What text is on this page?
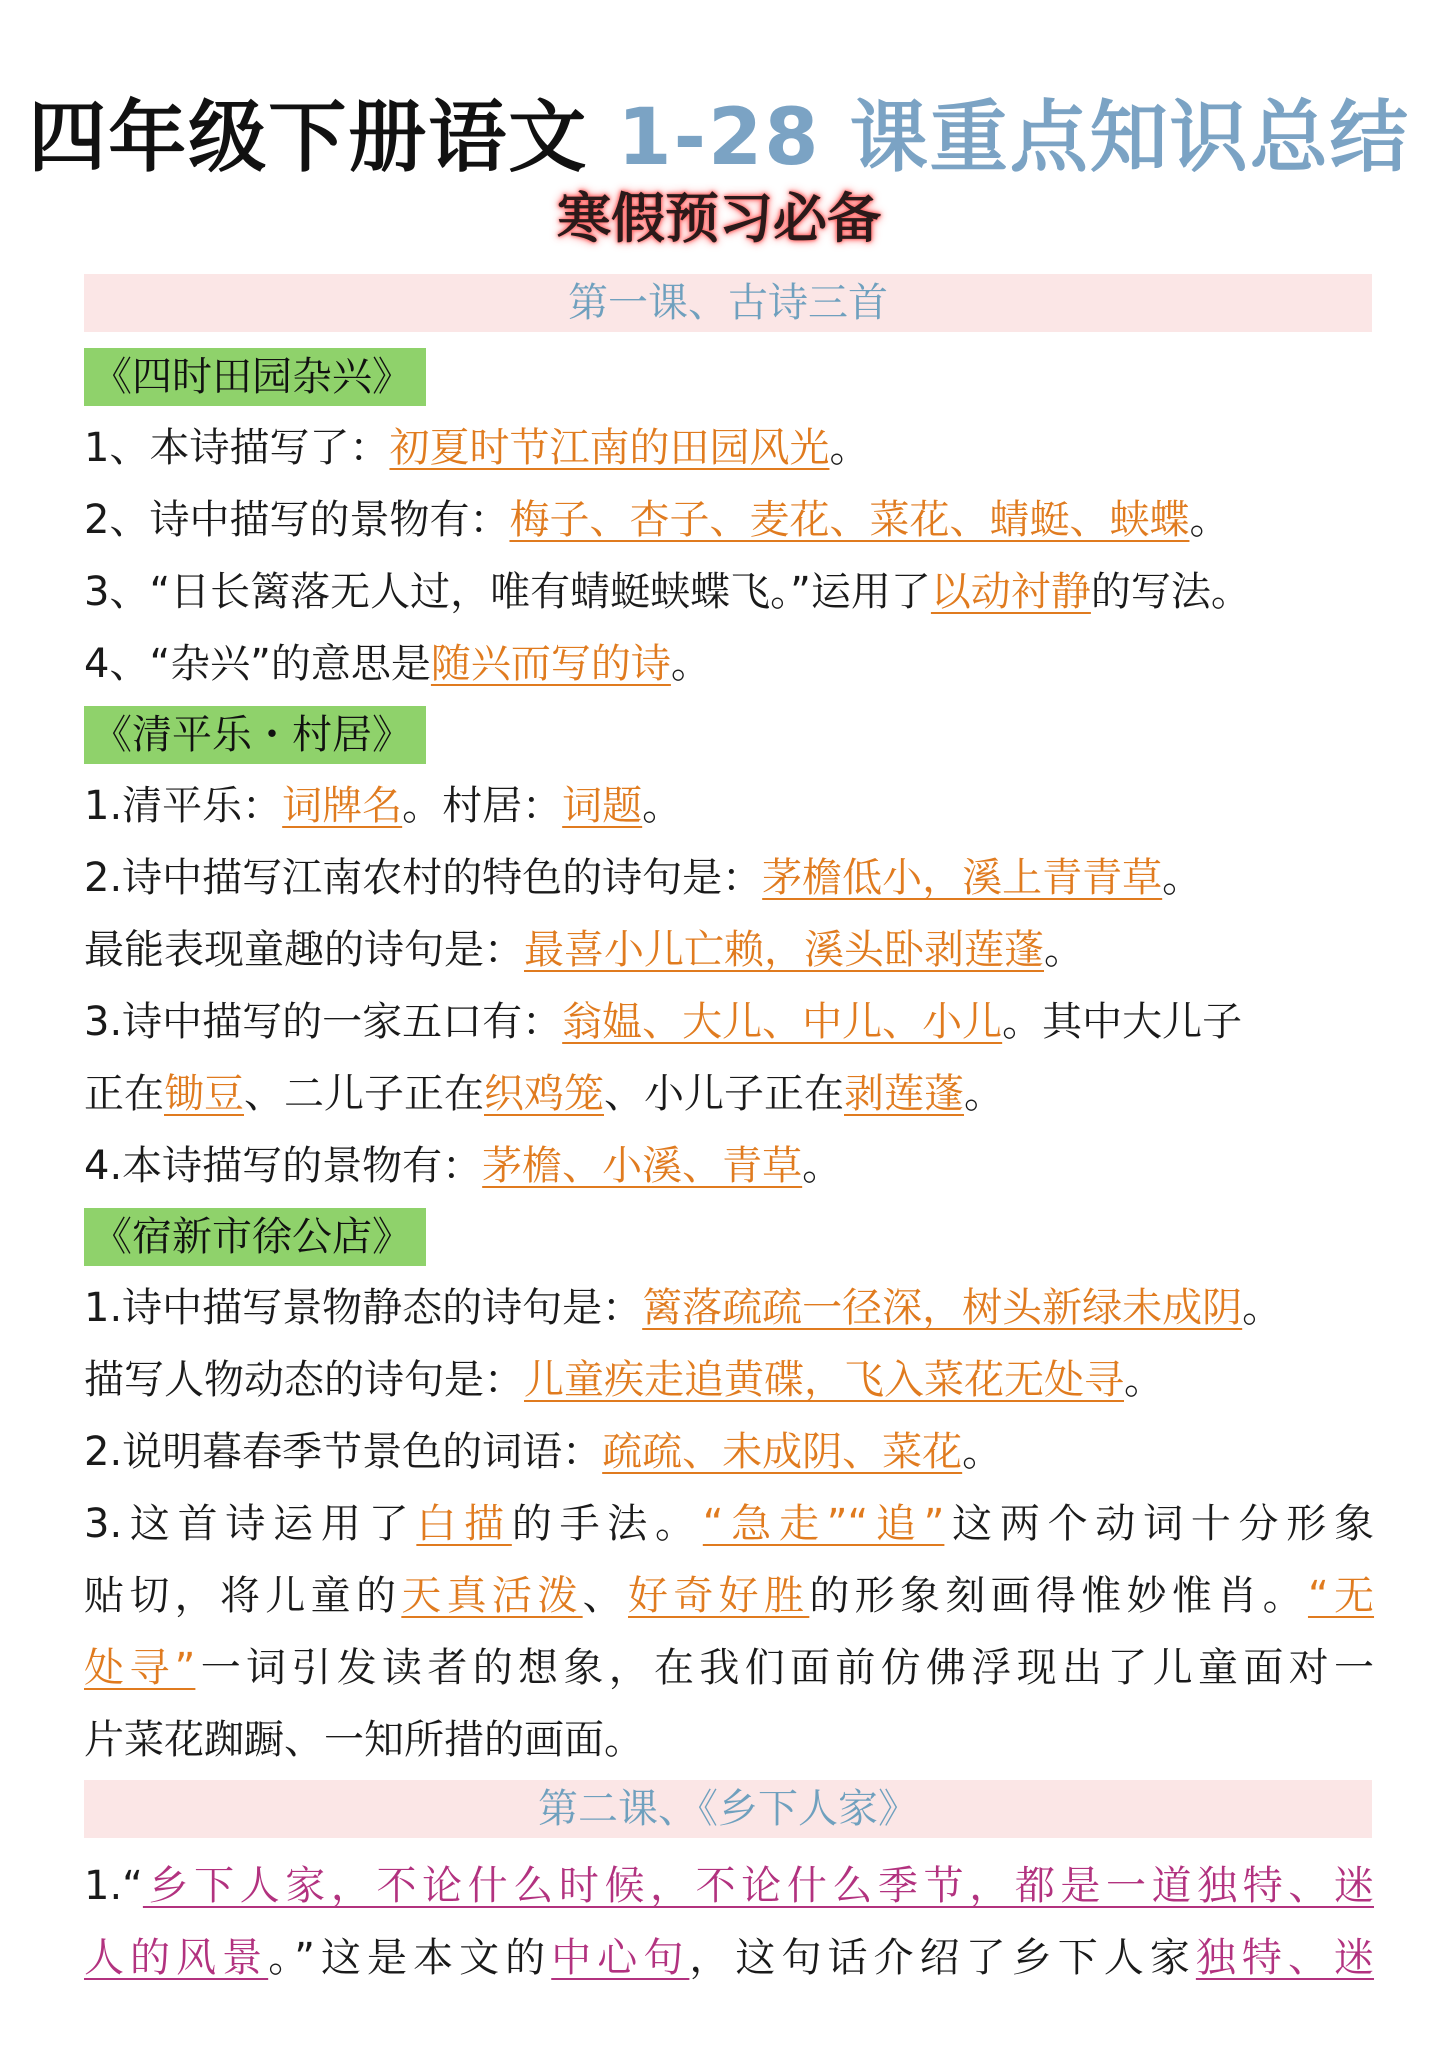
四年级下册语文 1-28 课重点知识总结
寒假预习必备
第一课、古诗三首
《四时田园杂兴》
1、本诗描写了：初夏时节江南的田园风光。
2、诗中描写的景物有：梅子、杏子、麦花、菜花、蜻蜓、蛱蝶。
3、“日长篱落无人过，唯有蜻蜓蛱蝶飞。”运用了以动衬静的写法。
4、“杂兴”的意思是随兴而写的诗。
《清平乐・村居》
1.清平乐：词牌名。村居：词题。
2.诗中描写江南农村的特色的诗句是：茅檐低小，溪上青青草。
最能表现童趣的诗句是：最喜小儿亡赖，溪头卧剥莲蓬。
3.诗中描写的一家五口有：翁媪、大儿、中儿、小儿。其中大儿子
正在锄豆、二儿子正在织鸡笼、小儿子正在剥莲蓬。
4.本诗描写的景物有：茅檐、小溪、青草。
《宿新市徐公店》
1.诗中描写景物静态的诗句是：篱落疏疏一径深，树头新绿未成阴。
描写人物动态的诗句是：儿童疾走追黄碟，飞入菜花无处寻。
2.说明暮春季节景色的词语：疏疏、未成阴、菜花。
3.这首诗运用了白描的手法。“急走”“追”这两个动词十分形象
贴切，将儿童的天真活泼、好奇好胜的形象刻画得惟妙惟肖。“无
处寻”一词引发读者的想象，在我们面前仿佛浮现出了儿童面对一
片菜花踟蹰、一知所措的画面。
第二课、《乡下人家》
1.“乡下人家，不论什么时候，不论什么季节，都是一道独特、迷
人的风景。”这是本文的中心句，这句话介绍了乡下人家独特、迷
